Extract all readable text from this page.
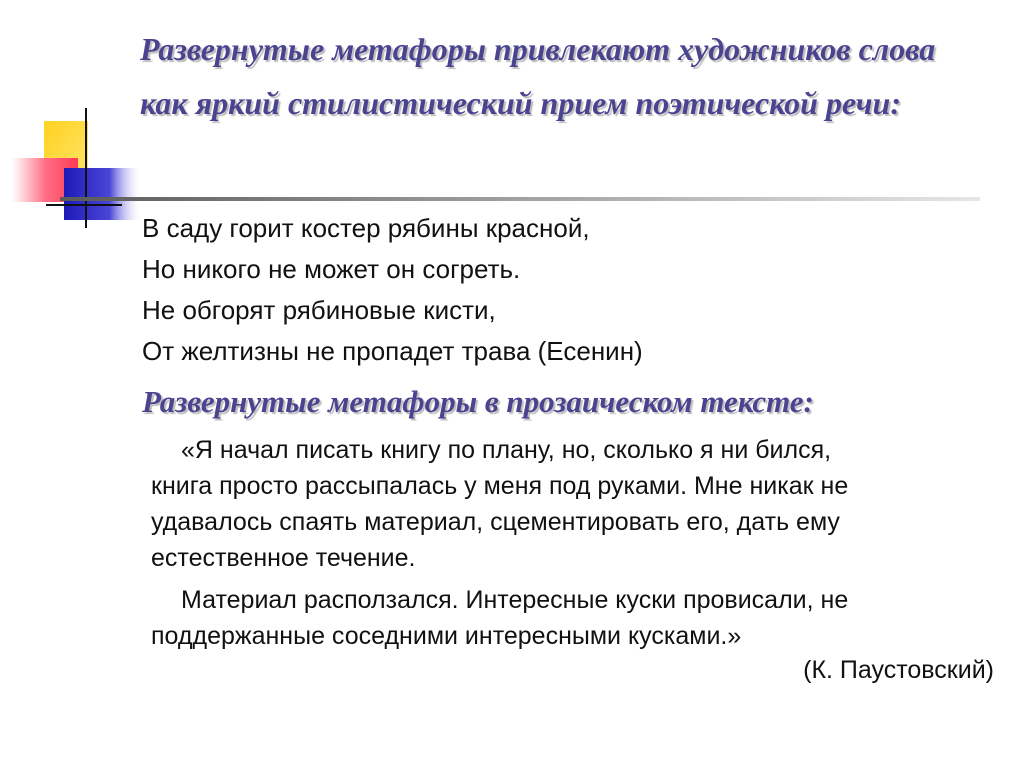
Развернутые метафоры привлекают художников слова
как яркий стилистический прием поэтической речи:
В саду горит костер рябины красной,
Но никого не может он согреть.
Не обгорят рябиновые кисти,
От желтизны не пропадет трава (Есенин)
Развернутые метафоры в прозаическом тексте:
«Я начал писать книгу по плану, но, сколько я ни бился,
книга просто рассыпалась у меня под руками. Мне никак не
удавалось спаять материал, сцементировать его, дать ему
естественное течение.
Материал расползался. Интересные куски провисали, не
поддержанные соседними интересными кусками.»
(К. Паустовский)
